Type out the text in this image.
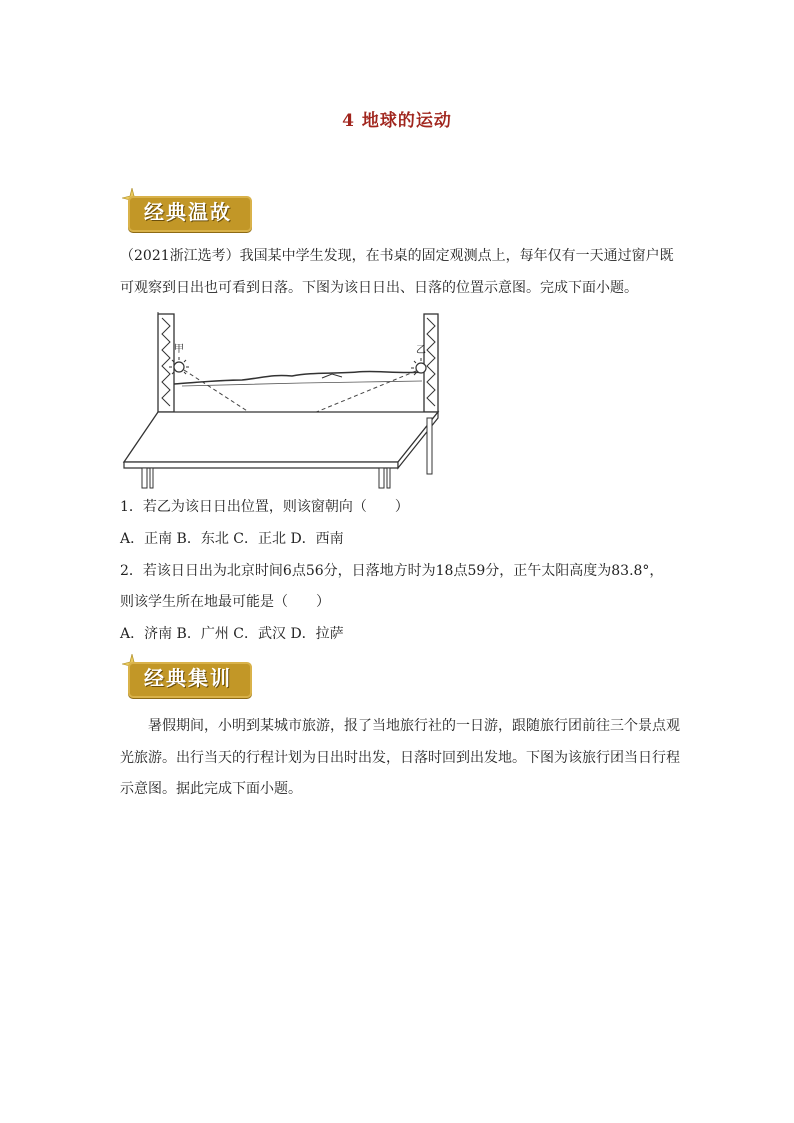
4 地球的运动
经典温故
（2021浙江选考）我国某中学生发现，在书桌的固定观测点上，每年仅有一天通过窗户既
可观察到日出也可看到日落。下图为该日日出、日落的位置示意图。完成下面小题。
甲	乙
1．若乙为该日日出位置，则该窗朝向（　　）
A．正南 B．东北 C．正北 D．西南
2．若该日日出为北京时间6点56分，日落地方时为18点59分，正午太阳高度为83.8°，
则该学生所在地最可能是（　　）
A．济南 B．广州 C．武汉 D．拉萨
经典集训
暑假期间，小明到某城市旅游，报了当地旅行社的一日游，跟随旅行团前往三个景点观
光旅游。出行当天的行程计划为日出时出发，日落时回到出发地。下图为该旅行团当日行程
示意图。据此完成下面小题。
